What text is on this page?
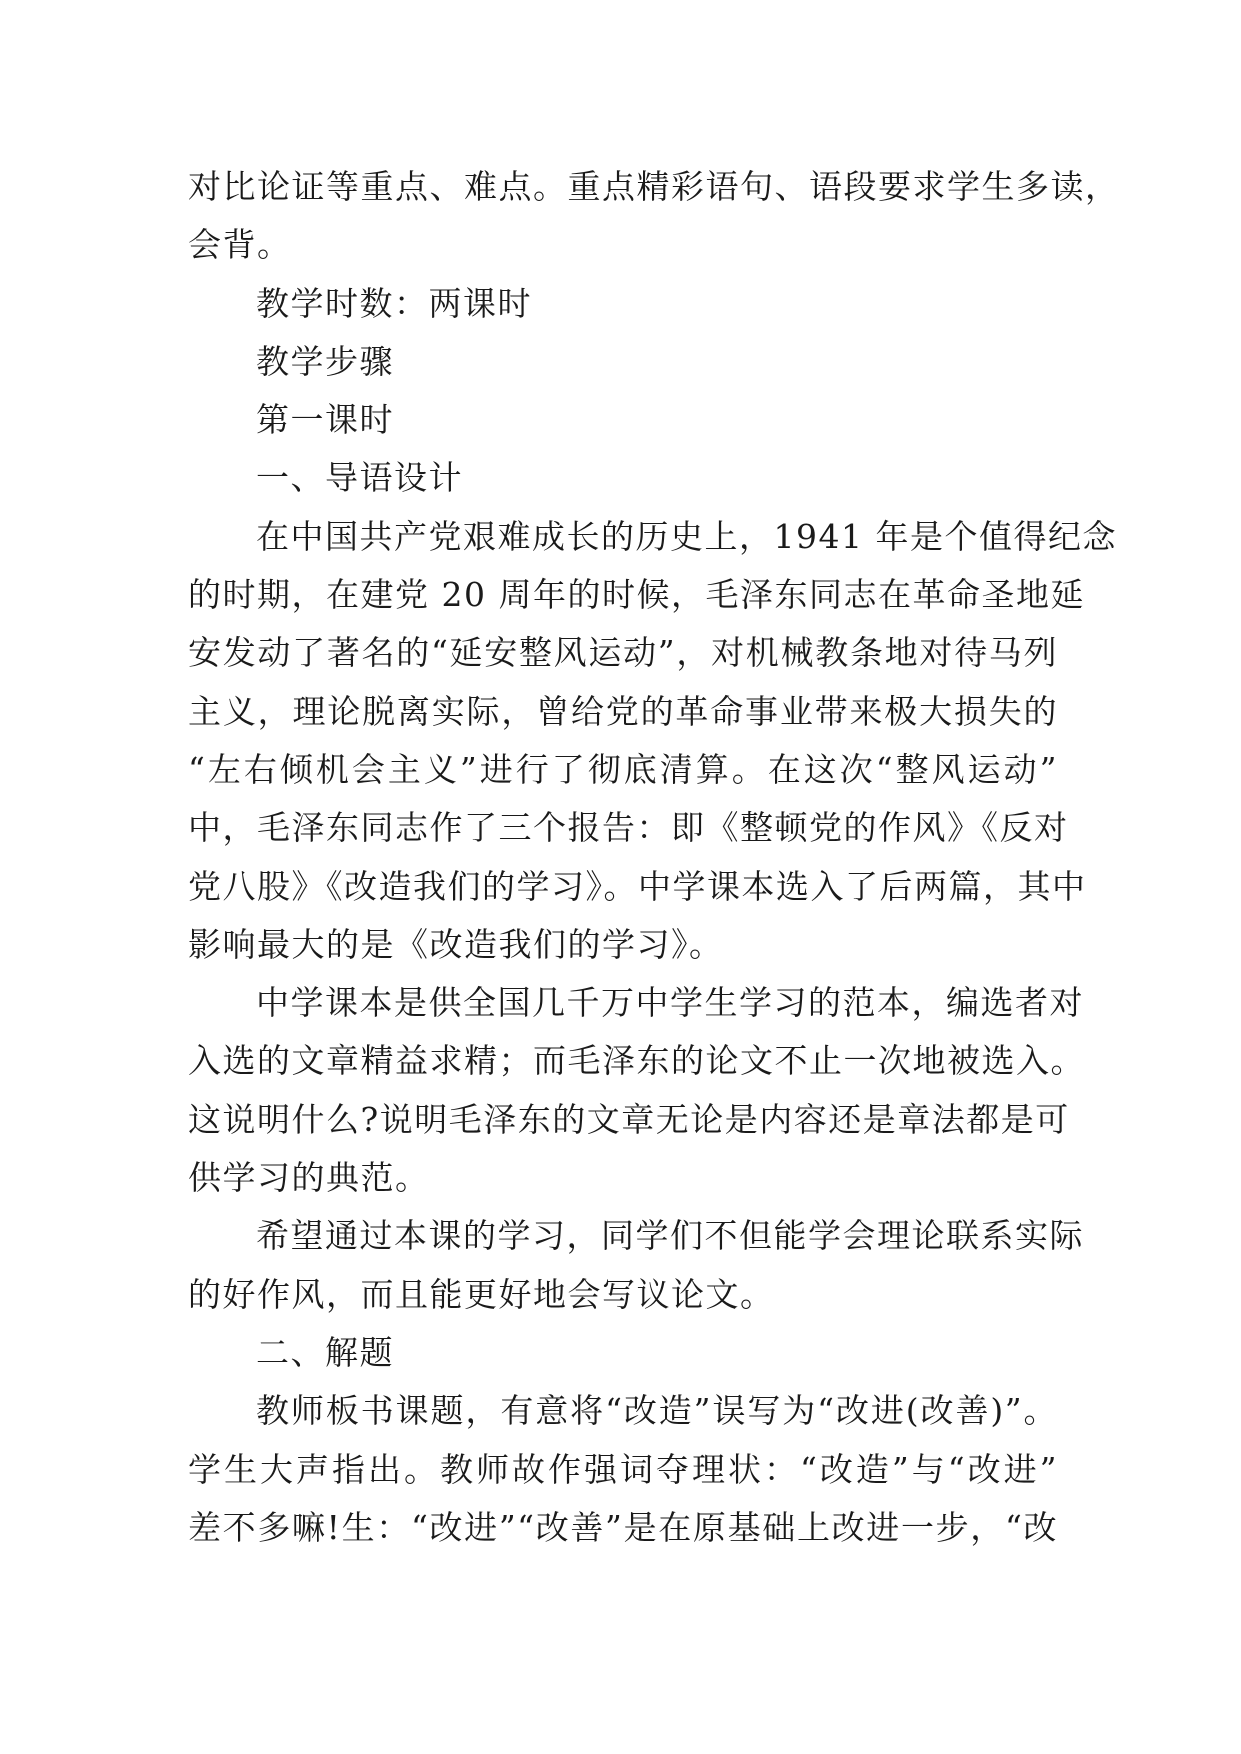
对比论证等重点、难点。重点精彩语句、语段要求学生多读，
会背。
教学时数：两课时
教学步骤
第一课时
一、导语设计
在中国共产党艰难成长的历史上，1941 年是个值得纪念
的时期，在建党 20 周年的时候，毛泽东同志在革命圣地延
安发动了著名的“延安整风运动”，对机械教条地对待马列
主义，理论脱离实际，曾给党的革命事业带来极大损失的
“左右倾机会主义”进行了彻底清算。在这次“整风运动”
中，毛泽东同志作了三个报告：即《整顿党的作风》《反对
党八股》《改造我们的学习》。中学课本选入了后两篇，其中
影响最大的是《改造我们的学习》。
中学课本是供全国几千万中学生学习的范本，编选者对
入选的文章精益求精；而毛泽东的论文不止一次地被选入。
这说明什么?说明毛泽东的文章无论是内容还是章法都是可
供学习的典范。
希望通过本课的学习，同学们不但能学会理论联系实际
的好作风，而且能更好地会写议论文。
二、解题
教师板书课题，有意将“改造”误写为“改进(改善)”。
学生大声指出。教师故作强词夺理状：“改造”与“改进”
差不多嘛!生：“改进”“改善”是在原基础上改进一步，“改
